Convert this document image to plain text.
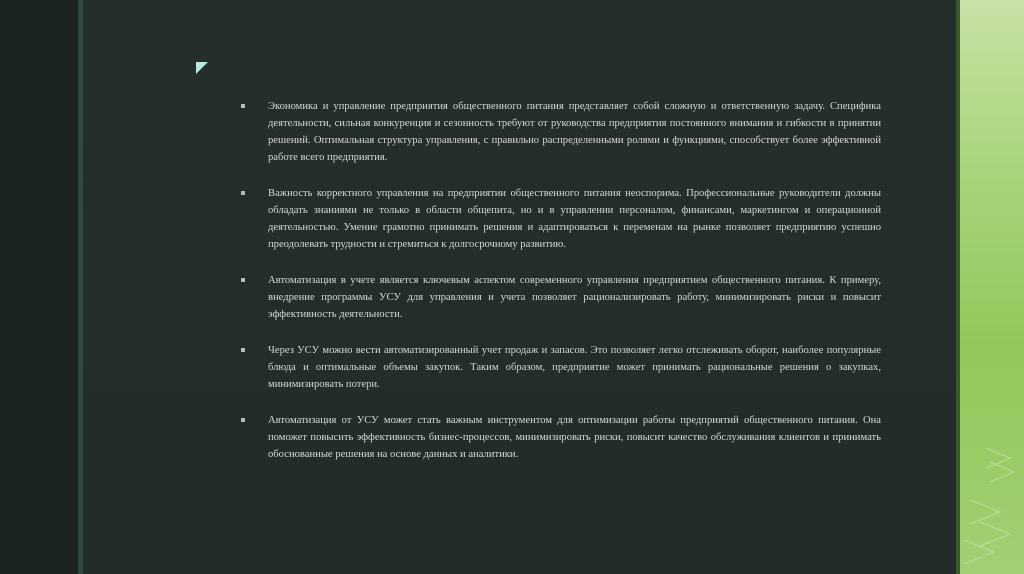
Экономика и управление предприятия общественного питания представляет собой сложную и ответственную задачу. Специфика деятельности, сильная конкуренция и сезонность требуют от руководства предприятия постоянного внимания и гибкости в принятии решений. Оптимальная структура управления, с правильно распределенными ролями и функциями, способствует более эффективной работе всего предприятия.
Важность корректного управления на предприятии общественного питания неоспорима. Профессиональные руководители должны обладать знаниями не только в области общепита, но и в управлении персоналом, финансами, маркетингом и операционной деятельностью. Умение грамотно принимать решения и адаптироваться к переменам на рынке позволяет предприятию успешно преодолевать трудности и стремиться к долгосрочному развитию.
Автоматизация в учете является ключевым аспектом современного управления предприятием общественного питания. К примеру, внедрение программы УСУ для управления и учета позволяет рационализировать работу, минимизировать риски и повысит эффективность деятельности.
Через УСУ можно вести автоматизированный учет продаж и запасов. Это позволяет легко отслеживать оборот, наиболее популярные блюда и оптимальные объемы закупок. Таким образом, предприятие может принимать рациональные решения о закупках, минимизировать потери.
Автоматизация от УСУ может стать важным инструментом для оптимизации работы предприятий общественного питания. Она поможет повысить эффективность бизнес-процессов, минимизировать риски, повысит качество обслуживания клиентов и принимать обоснованные решения на основе данных и аналитики.
